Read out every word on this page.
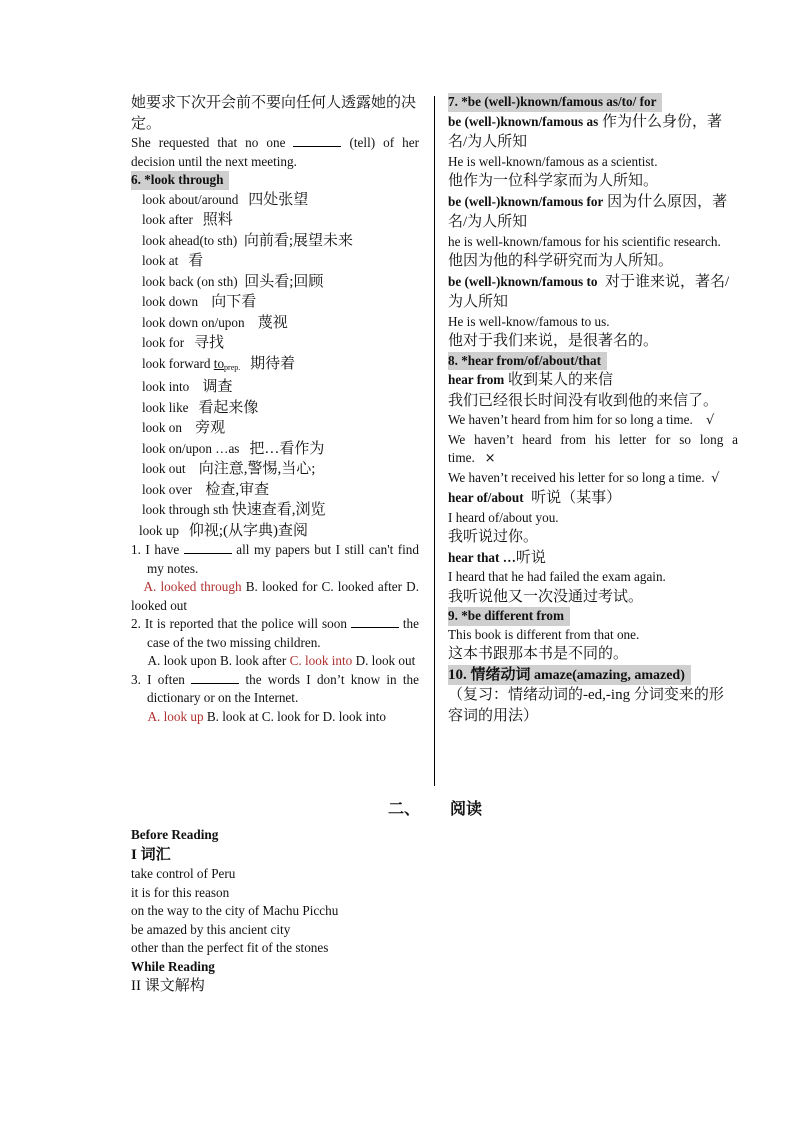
她要求下次开会前不要向任何人透露她的决定。
She requested that no one	(tell) of her decision until the next meeting.
6. *look through
look about/around 四处张望
look after 照料
look ahead(to sth) 向前看;展望未来
look at 看
look back (on sth) 回头看;回顾
look down 向下看
look down on/upon 蔑视
look for 寻找
look forward $to_{prep.}$ 期待着
look into 调查
look like 看起来像
look on 旁观
look on/upon …as 把…看作为
look out 向注意,警惕,当心;
look over 检查,审查
look through sth 快速查看,浏览
look up 仰视;(从字典)查阅
1. I have	all my papers but I still can't find my notes.
A. looked through B. looked for C. looked after D. looked out
2. It is reported that the police will soon	the case of the two missing children.
A. look upon B. look after C. look into D. look out
3. I often	the words I don’t know in the dictionary or on the Internet.
A. look up B. look at C. look for D. look into
7. *be (well-)known/famous as/to/ for
be (well-)known/famous as 作为什么身份，著名/为人所知
He is well-known/famous as a scientist.
他作为一位科学家而为人所知。
be (well-)known/famous for 因为什么原因，著名/为人所知
he is well-known/famous for his scientific research.
他因为他的科学研究而为人所知。
be (well-)known/famous to 对于谁来说，著名/为人所知
He is well-know/famous to us.
他对于我们来说，是很著名的。
8. *hear from/of/about/that
hear from 收到某人的来信
我们已经很长时间没有收到他的来信了。
We haven’t heard from him for so long a time. √
We haven’t heard from his letter for so long a time. ×
We haven’t received his letter for so long a time. √
hear of/about 听说（某事）
I heard of/about you.
我听说过你。
hear that …听说
I heard that he had failed the exam again.
我听说他又一次没通过考试。
9. *be different from
This book is different from that one.
这本书跟那本书是不同的。
10. 情绪动词 amaze(amazing, amazed)
（复习：情绪动词的-ed,-ing 分词变来的形容词的用法）
二、 阅读
Before Reading
I 词汇
take control of Peru
it is for this reason
on the way to the city of Machu Picchu
be amazed by this ancient city
other than the perfect fit of the stones
While Reading
II 课文解构
